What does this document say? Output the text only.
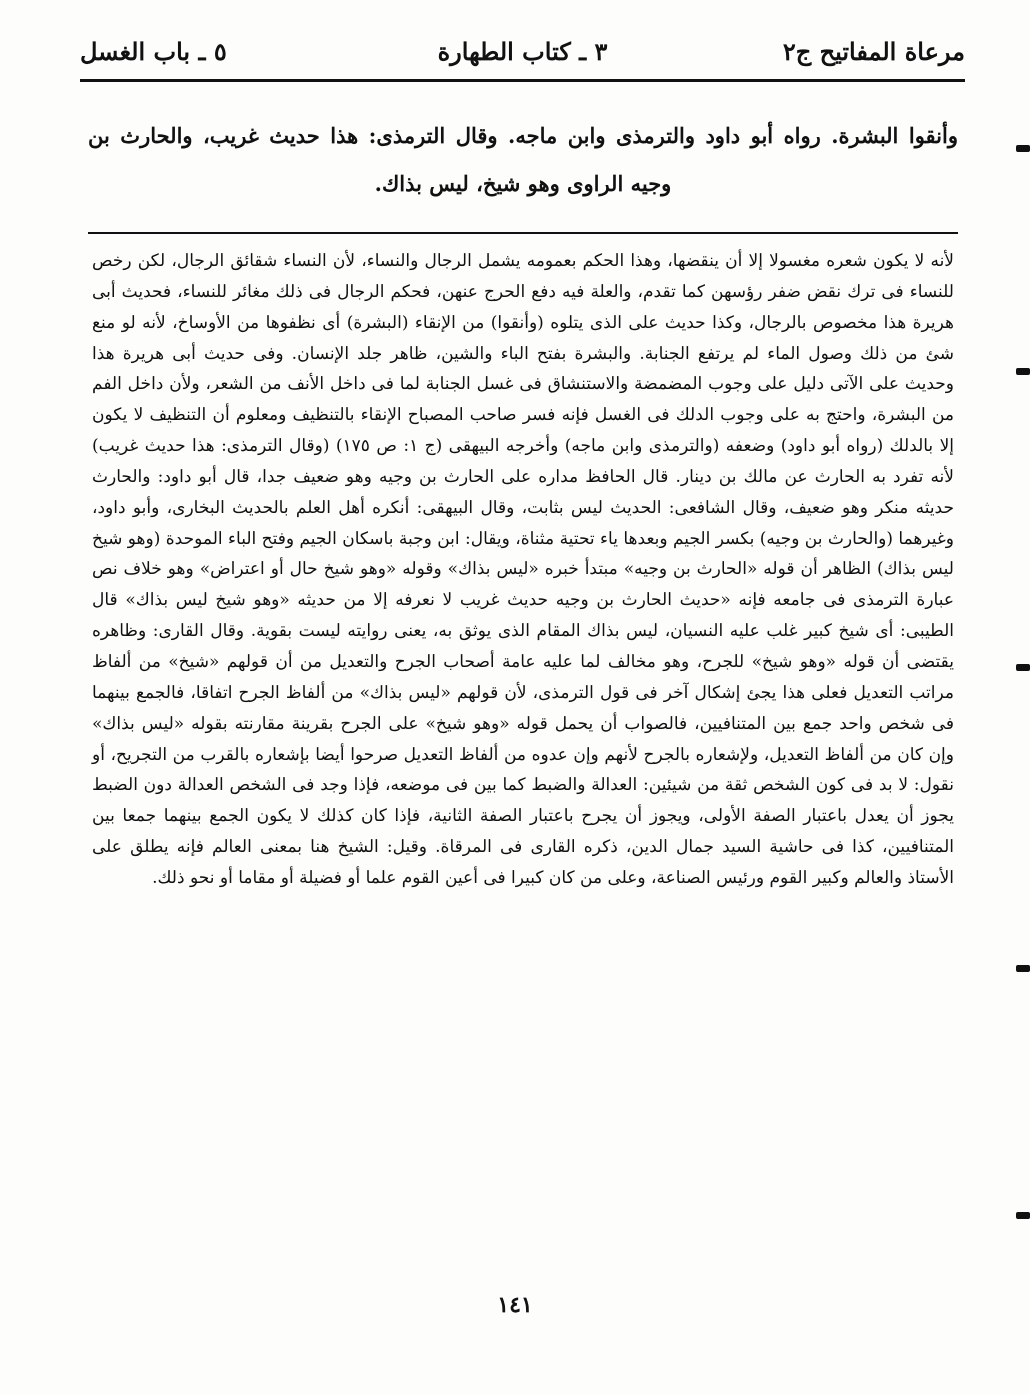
مرعاة المفاتيح ج٢
٣ ـ كتاب الطهارة
٥ ـ باب الغسل

وأنقوا البشرة. رواه أبو داود والترمذى وابن ماجه. وقال الترمذى: هذا حديث غريب، والحارث بن وجيه الراوى وهو شيخ، ليس بذاك.

لأنه لا يكون شعره مغسولا إلا أن ينقضها، وهذا الحكم بعمومه يشمل الرجال والنساء، لأن النساء شقائق الرجال، لكن رخص للنساء فى ترك نقض ضفر رؤسهن كما تقدم، والعلة فيه دفع الحرج عنهن، فحكم الرجال فى ذلك مغائر للنساء، فحديث أبى هريرة هذا مخصوص بالرجال، وكذا حديث على الذى يتلوه (وأنقوا) من الإنقاء (البشرة) أى نظفوها من الأوساخ، لأنه لو منع شئ من ذلك وصول الماء لم يرتفع الجنابة. والبشرة بفتح الباء والشين، ظاهر جلد الإنسان. وفى حديث أبى هريرة هذا وحديث على الآتى دليل على وجوب المضمضة والاستنشاق فى غسل الجنابة لما فى داخل الأنف من الشعر، ولأن داخل الفم من البشرة، واحتج به على وجوب الدلك فى الغسل فإنه فسر صاحب المصباح الإنقاء بالتنظيف ومعلوم أن التنظيف لا يكون إلا بالدلك (رواه أبو داود) وضعفه (والترمذى وابن ماجه) وأخرجه البيهقى (ج ١: ص ١٧٥) (وقال الترمذى: هذا حديث غريب) لأنه تفرد به الحارث عن مالك بن دينار. قال الحافظ مداره على الحارث بن وجيه وهو ضعيف جدا، قال أبو داود: والحارث حديثه منكر وهو ضعيف، وقال الشافعى: الحديث ليس بثابت، وقال البيهقى: أنكره أهل العلم بالحديث البخارى، وأبو داود، وغيرهما (والحارث بن وجيه) بكسر الجيم وبعدها ياء تحتية مثناة، ويقال: ابن وجبة باسكان الجيم وفتح الباء الموحدة (وهو شيخ ليس بذاك) الظاهر أن قوله «الحارث بن وجيه» مبتدأ خبره «ليس بذاك» وقوله «وهو شيخ حال أو اعتراض» وهو خلاف نص عبارة الترمذى فى جامعه فإنه «حديث الحارث بن وجيه حديث غريب لا نعرفه إلا من حديثه «وهو شيخ ليس بذاك» قال الطيبى: أى شيخ كبير غلب عليه النسيان، ليس بذاك المقام الذى يوثق به، يعنى روايته ليست بقوية. وقال القارى: وظاهره يقتضى أن قوله «وهو شيخ» للجرح، وهو مخالف لما عليه عامة أصحاب الجرح والتعديل من أن قولهم «شيخ» من ألفاظ مراتب التعديل فعلى هذا يجئ إشكال آخر فى قول الترمذى، لأن قولهم «ليس بذاك» من ألفاظ الجرح اتفاقا، فالجمع بينهما فى شخص واحد جمع بين المتنافيين، فالصواب أن يحمل قوله «وهو شيخ» على الجرح بقرينة مقارنته بقوله «ليس بذاك» وإن كان من ألفاظ التعديل، ولإشعاره بالجرح لأنهم وإن عدوه من ألفاظ التعديل صرحوا أيضا بإشعاره بالقرب من التجريح، أو نقول: لا بد فى كون الشخص ثقة من شيئين: العدالة والضبط كما بين فى موضعه، فإذا وجد فى الشخص العدالة دون الضبط يجوز أن يعدل باعتبار الصفة الأولى، ويجوز أن يجرح باعتبار الصفة الثانية، فإذا كان كذلك لا يكون الجمع بينهما جمعا بين المتنافيين، كذا فى حاشية السيد جمال الدين، ذكره القارى فى المرقاة. وقيل: الشيخ هنا بمعنى العالم فإنه يطلق على الأستاذ والعالم وكبير القوم ورئيس الصناعة، وعلى من كان كبيرا فى أعين القوم علما أو فضيلة أو مقاما أو نحو ذلك.

١٤١
